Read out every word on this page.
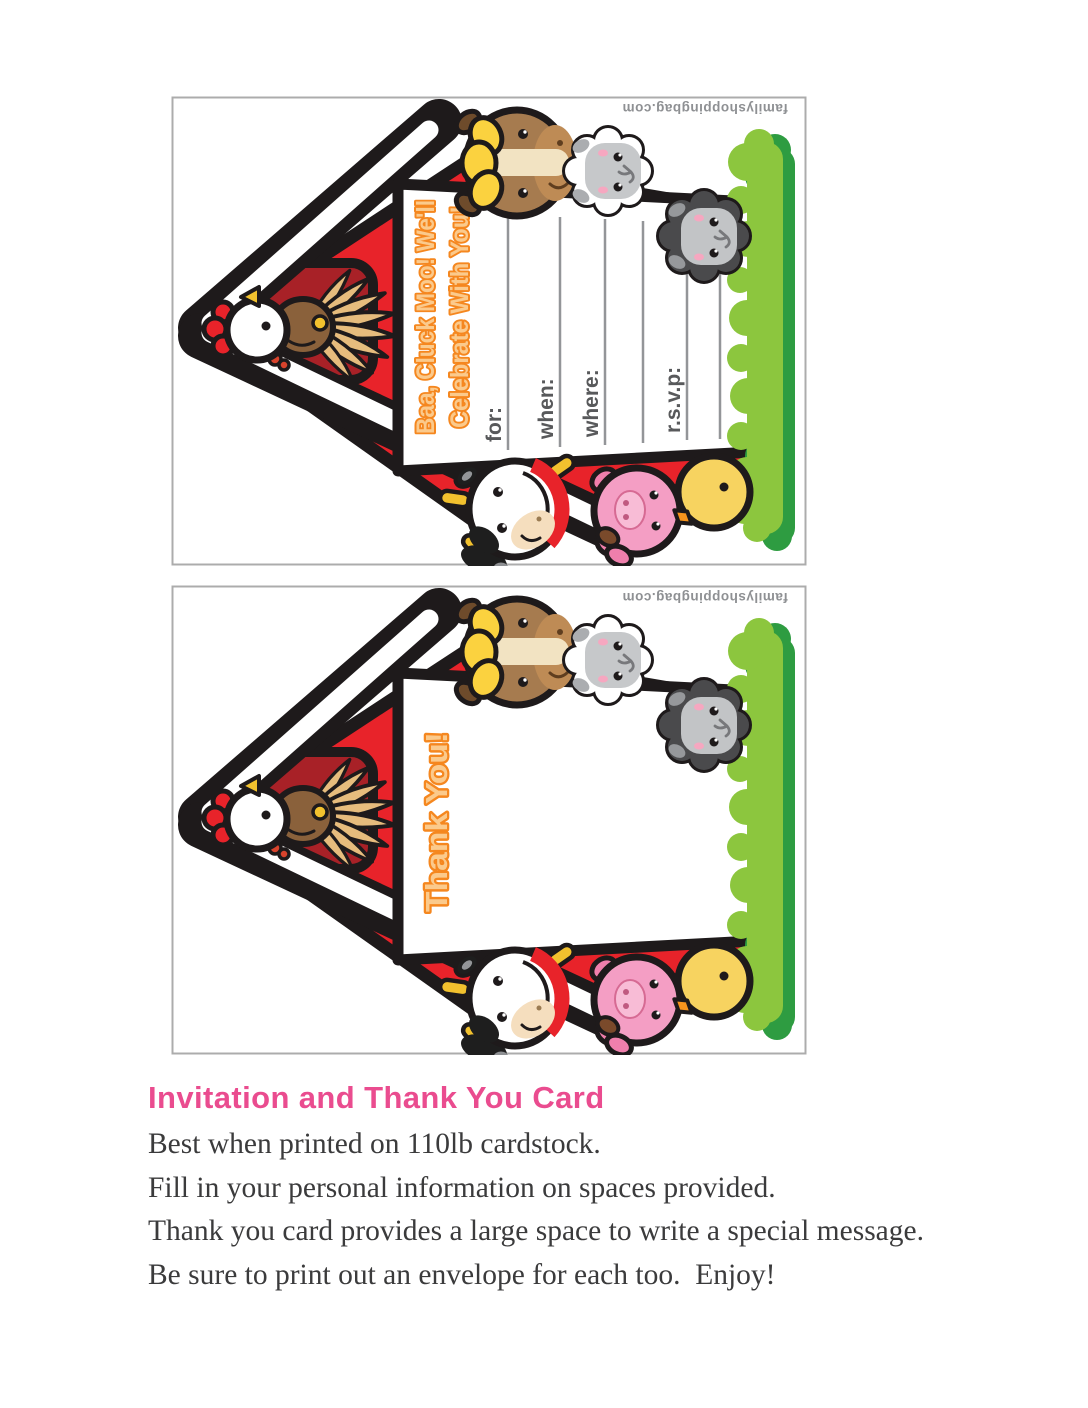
Baa, Cluck Moo! We'll Celebrate With You! for: when: where:	r.s.v.p:
Thank You!
Invitation and Thank You Card

Best when printed on 110lb cardstock.

Fill in your personal information on spaces provided.

Thank you card provides a large space to write a special message.

Be sure to print out an envelope for each too.  Enjoy!
